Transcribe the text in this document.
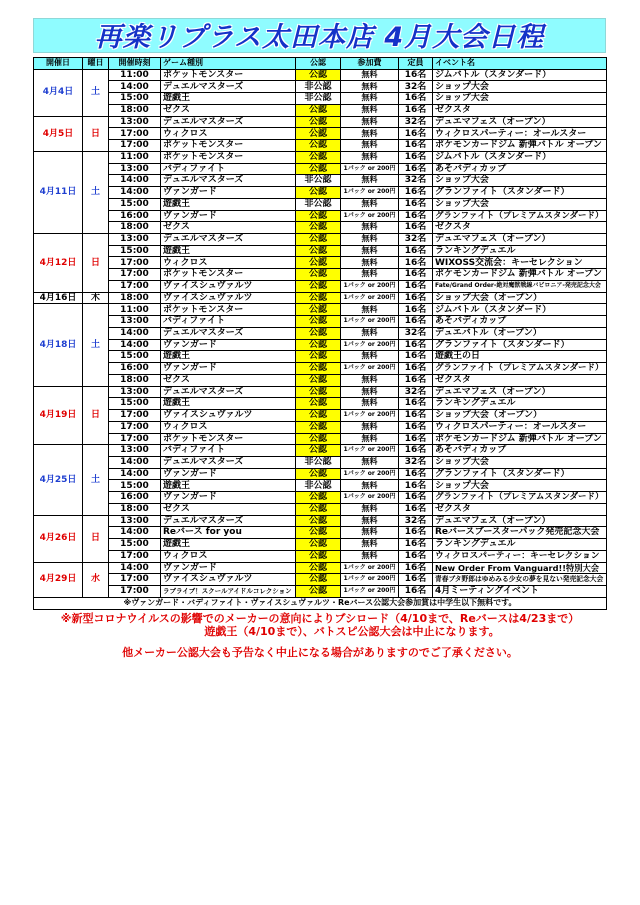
再楽リプラス太田本店 4月大会日程
開催日	曜日	開催時刻	ゲーム種別	公認	参加費	定員	イベント名
4月4日	土	11:00	ポケットモンスター	公認	無料	16名	ジムバトル（スタンダード）
		14:00	デュエルマスターズ	非公認	無料	32名	ショップ大会
		15:00	遊戯王	非公認	無料	16名	ショップ大会
		18:00	ゼクス	公認	無料	16名	ゼクスタ
4月5日	日	13:00	デュエルマスターズ	公認	無料	32名	デュエマフェス（オープン）
		17:00	ウィクロス	公認	無料	16名	ウィクロスパーティー：オールスター
		17:00	ポケットモンスター	公認	無料	16名	ポケモンカードジム 新弾バトル オープン
4月11日	土	11:00	ポケットモンスター	公認	無料	16名	ジムバトル（スタンダード）
		13:00	バディファイト	公認	1パック or 200円	16名	あそバディカップ
		14:00	デュエルマスターズ	非公認	無料	32名	ショップ大会
		14:00	ヴァンガード	公認	1パック or 200円	16名	グランファイト（スタンダード）
		15:00	遊戯王	非公認	無料	16名	ショップ大会
		16:00	ヴァンガード	公認	1パック or 200円	16名	グランファイト（プレミアムスタンダード）
		18:00	ゼクス	公認	無料	16名	ゼクスタ
4月12日	日	13:00	デュエルマスターズ	公認	無料	32名	デュエマフェス（オープン）
		15:00	遊戯王	公認	無料	16名	ランキングデュエル
		17:00	ウィクロス	公認	無料	16名	WIXOSS交流会：キーセレクション
		17:00	ポケットモンスター	公認	無料	16名	ポケモンカードジム 新弾バトル オープン
		17:00	ヴァイスシュヴァルツ	公認	1パック or 200円	16名	Fate/Grand Order-絶対魔獣戦線バビロニア-発売記念大会
4月16日	木	18:00	ヴァイスシュヴァルツ	公認	1パック or 200円	16名	ショップ大会（オープン）
4月18日	土	11:00	ポケットモンスター	公認	無料	16名	ジムバトル（スタンダード）
		13:00	バディファイト	公認	1パック or 200円	16名	あそバディカップ
		14:00	デュエルマスターズ	公認	無料	32名	デュエバトル（オープン）
		14:00	ヴァンガード	公認	1パック or 200円	16名	グランファイト（スタンダード）
		15:00	遊戯王	公認	無料	16名	遊戯王の日
		16:00	ヴァンガード	公認	1パック or 200円	16名	グランファイト（プレミアムスタンダード）
		18:00	ゼクス	公認	無料	16名	ゼクスタ
4月19日	日	13:00	デュエルマスターズ	公認	無料	32名	デュエマフェス（オープン）
		15:00	遊戯王	公認	無料	16名	ランキングデュエル
		17:00	ヴァイスシュヴァルツ	公認	1パック or 200円	16名	ショップ大会（オープン）
		17:00	ウィクロス	公認	無料	16名	ウィクロスパーティー：オールスター
		17:00	ポケットモンスター	公認	無料	16名	ポケモンカードジム 新弾バトル オープン
4月25日	土	13:00	バディファイト	公認	1パック or 200円	16名	あそバディカップ
		14:00	デュエルマスターズ	非公認	無料	32名	ショップ大会
		14:00	ヴァンガード	公認	1パック or 200円	16名	グランファイト（スタンダード）
		15:00	遊戯王	非公認	無料	16名	ショップ大会
		16:00	ヴァンガード	公認	1パック or 200円	16名	グランファイト（プレミアムスタンダード）
		18:00	ゼクス	公認	無料	16名	ゼクスタ
4月26日	日	13:00	デュエルマスターズ	公認	無料	32名	デュエマフェス（オープン）
		14:00	Reバース for you	公認	無料	16名	Reバースブースターパック発売記念大会
		15:00	遊戯王	公認	無料	16名	ランキングデュエル
		17:00	ウィクロス	公認	無料	16名	ウィクロスパーティー：キーセレクション
4月29日	水	14:00	ヴァンガード	公認	1パック or 200円	16名	New Order From Vanguard!!特別大会
		17:00	ヴァイスシュヴァルツ	公認	1パック or 200円	16名	青春ブタ野郎はゆめみる少女の夢を見ない発売記念大会
		17:00	ラブライブ！スクールアイドルコレクション	公認	1パック or 200円	16名	4月ミーティングイベント
※ヴァンガード・バディファイト・ヴァイスシュヴァルツ・Reバース公認大会参加賞は中学生以下無料です。							
※新型コロナウイルスの影響でのメーカーの意向によりブシロード（4/10まで、Reバースは4/23まで）
遊戯王（4/10まで）、バトスピ公認大会は中止になります。
他メーカー公認大会も予告なく中止になる場合がありますのでご了承ください。
